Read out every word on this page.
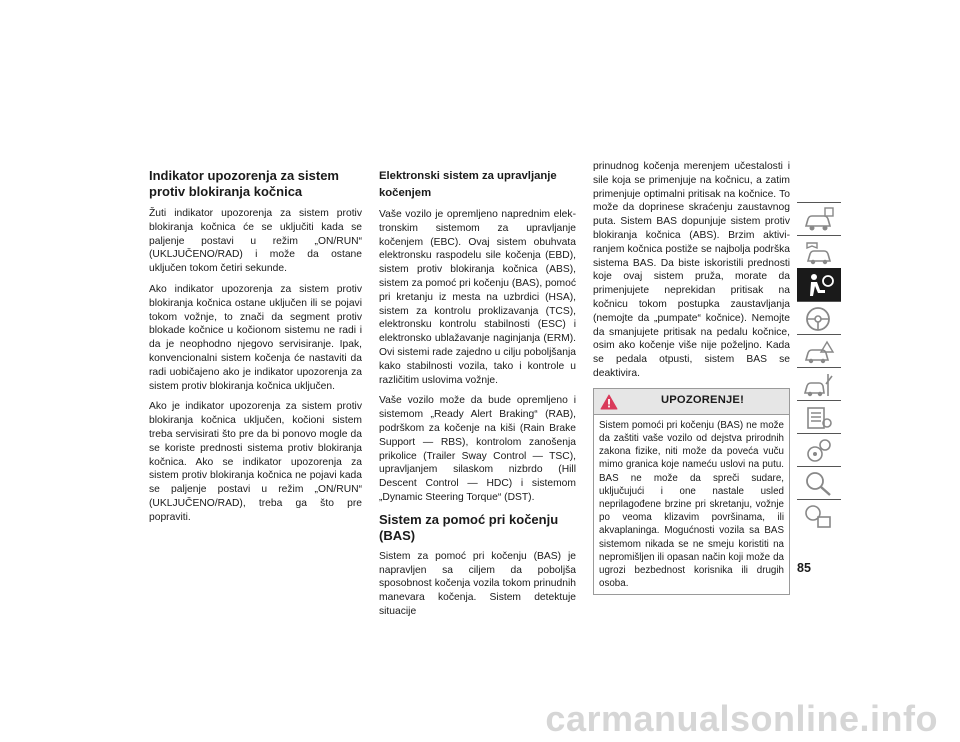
Indikator upozorenja za sistem protiv blokiranja kočnica

Žuti indikator upozorenja za sistem protiv blokiranja kočnica će se uključiti kada se paljenje postavi u režim „ON/RUN“ (UKLJUČENO/RAD) i može da ostane uključen tokom četiri sekunde.

Ako indikator upozorenja za sistem protiv blokiranja kočnica ostane uključen ili se pojavi tokom vožnje, to znači da segment protiv blokade kočnice u kočionom sistemu ne radi i da je neophodno njegovo servisiranje. Ipak, konvencionalni sistem kočenja će nastaviti da radi uobičajeno ako je indikator upozorenja za sistem protiv blokiranja kočnica uključen.

Ako je indikator upozorenja za sistem protiv blokiranja kočnica uključen, kočioni sistem treba servisirati što pre da bi ponovo mogle da se koriste prednosti sistema protiv blokiranja kočnica. Ako se indikator upozorenja za sistem protiv blokiranja kočnica ne pojavi kada se paljenje postavi u režim „ON/RUN“ (UKLJUČENO/RAD), treba ga što pre popraviti.

Elektronski sistem za upravljanje kočenjem

Vaše vozilo je opremljeno naprednim elektronskim sistemom za upravljanje kočenjem (EBC). Ovaj sistem obuhvata elektronsku raspodelu sile kočenja (EBD), sistem protiv blokiranja kočnica (ABS), sistem za pomoć pri kočenju (BAS), pomoć pri kretanju iz mesta na uzbrdici (HSA), sistem za kontrolu proklizavanja (TCS), elektronsku kontrolu stabilnosti (ESC) i elektronsko ublažavanje naginjanja (ERM). Ovi sistemi rade zajedno u cilju poboljšanja kako stabilnosti vozila, tako i kontrole u različitim uslovima vožnje.

Vaše vozilo može da bude opremljeno i sistemom „Ready Alert Braking“ (RAB), podrškom za kočenje na kiši (Rain Brake Support — RBS), kontrolom zanošenja prikolice (Trailer Sway Control — TSC), upravljanjem silaskom nizbrdo (Hill Descent Control — HDC) i sistemom „Dynamic Steering Torque“ (DST).

Sistem za pomoć pri kočenju (BAS)

Sistem za pomoć pri kočenju (BAS) je napravljen sa ciljem da poboljša sposobnost kočenja vozila tokom prinudnih manevara kočenja. Sistem detektuje situacije

prinudnog kočenja merenjem učestalosti i sile koja se primenjuje na kočnicu, a zatim primenjuje optimalni pritisak na kočnice. To može da doprinese skraćenju zaustavnog puta. Sistem BAS dopunjuje sistem protiv blokiranja kočnica (ABS). Brzim aktiviranjem kočnica postiže se najbolja podrška sistema BAS. Da biste iskoristili prednosti koje ovaj sistem pruža, morate da primenjujete neprekidan pritisak na kočnicu tokom postupka zaustavljanja (nemojte da „pumpate“ kočnice). Nemojte da smanjujete pritisak na pedalu kočnice, osim ako kočenje više nije poželjno. Kada se pedala otpusti, sistem BAS se deaktivira.

UPOZORENJE!
Sistem pomoći pri kočenju (BAS) ne može da zaštiti vaše vozilo od dejstva prirodnih zakona fizike, niti može da poveća vuču mimo granica koje nameću uslovi na putu. BAS ne može da spreči sudare, uključujući i one nastale usled neprilagođene brzine pri skretanju, vožnje po veoma klizavim površinama, ili akvaplaninga. Mogućnosti vozila sa BAS sistemom nikada se ne smeju koristiti na nepromišljen ili opasan način koji može da ugrozi bezbednost korisnika ili drugih osoba.
85
carmanualsonline.info
